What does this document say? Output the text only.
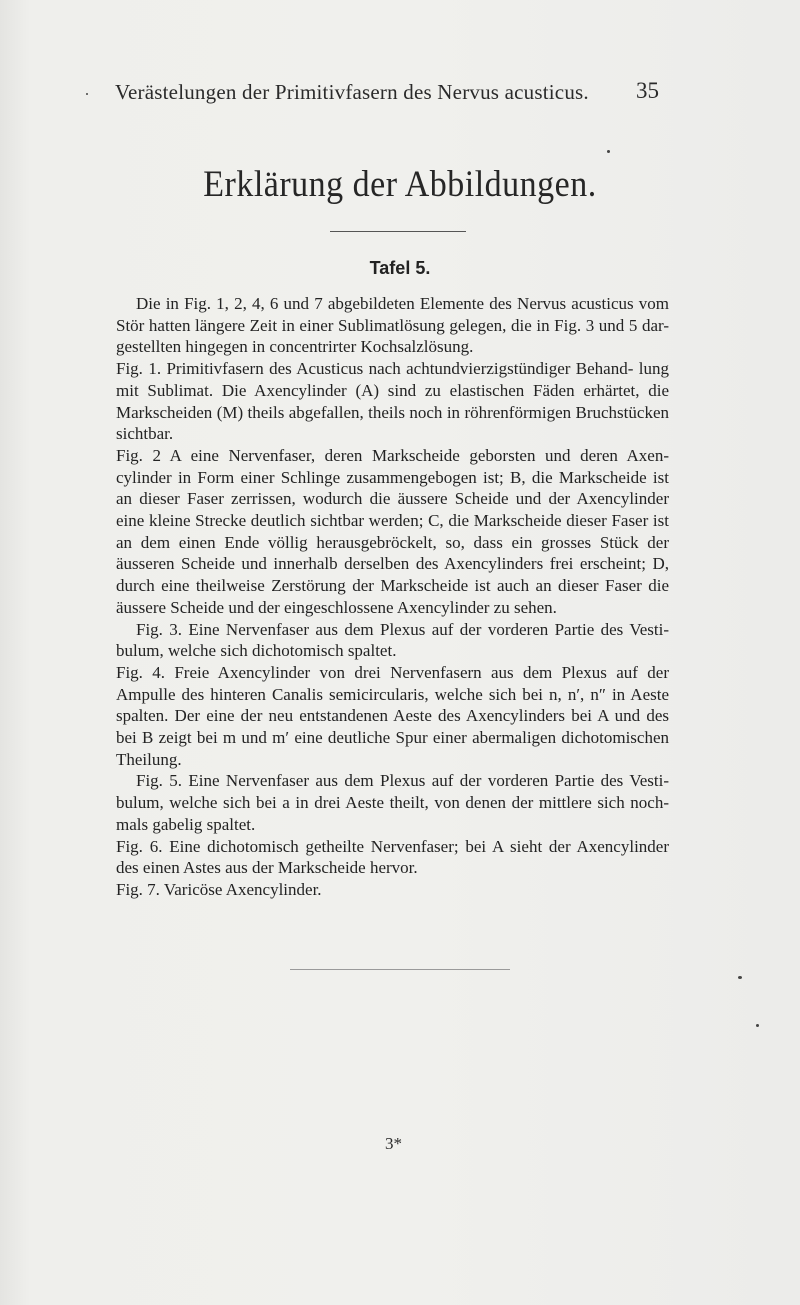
Verästelungen der Primitivfasern des Nervus acusticus. 35
Erklärung der Abbildungen.
Tafel 5.

Die in Fig. 1, 2, 4, 6 und 7 abgebildeten Elemente des Nervus acusticus vom Stör hatten längere Zeit in einer Sublimatlösung gelegen, die in Fig. 3 und 5 dar- gestellten hingegen in concentrirter Kochsalzlösung.

Fig. 1. Primitivfasern des Acusticus nach achtundvierzigstündiger Behand- lung mit Sublimat. Die Axencylinder (A) sind zu elastischen Fäden erhärtet, die Markscheiden (M) theils abgefallen, theils noch in röhrenförmigen Bruchstücken sichtbar.

Fig. 2 A eine Nervenfaser, deren Markscheide geborsten und deren Axen- cylinder in Form einer Schlinge zusammengebogen ist; B, die Markscheide ist an dieser Faser zerrissen, wodurch die äussere Scheide und der Axencylinder eine kleine Strecke deutlich sichtbar werden; C, die Markscheide dieser Faser ist an dem einen Ende völlig herausgebröckelt, so, dass ein grosses Stück der äusseren Scheide und innerhalb derselben des Axencylinders frei erscheint; D, durch eine theilweise Zerstörung der Markscheide ist auch an dieser Faser die äussere Scheide und der eingeschlossene Axencylinder zu sehen.

Fig. 3. Eine Nervenfaser aus dem Plexus auf der vorderen Partie des Vesti- bulum, welche sich dichotomisch spaltet.

Fig. 4. Freie Axencylinder von drei Nervenfasern aus dem Plexus auf der Ampulle des hinteren Canalis semicircularis, welche sich bei n, n′, n″ in Aeste spalten. Der eine der neu entstandenen Aeste des Axencylinders bei A und des bei B zeigt bei m und m′ eine deutliche Spur einer abermaligen dichotomischen Theilung.

Fig. 5. Eine Nervenfaser aus dem Plexus auf der vorderen Partie des Vesti- bulum, welche sich bei a in drei Aeste theilt, von denen der mittlere sich noch- mals gabelig spaltet.

Fig. 6. Eine dichotomisch getheilte Nervenfaser; bei A sieht der Axencylinder des einen Astes aus der Markscheide hervor.

Fig. 7. Varicöse Axencylinder.

3*
